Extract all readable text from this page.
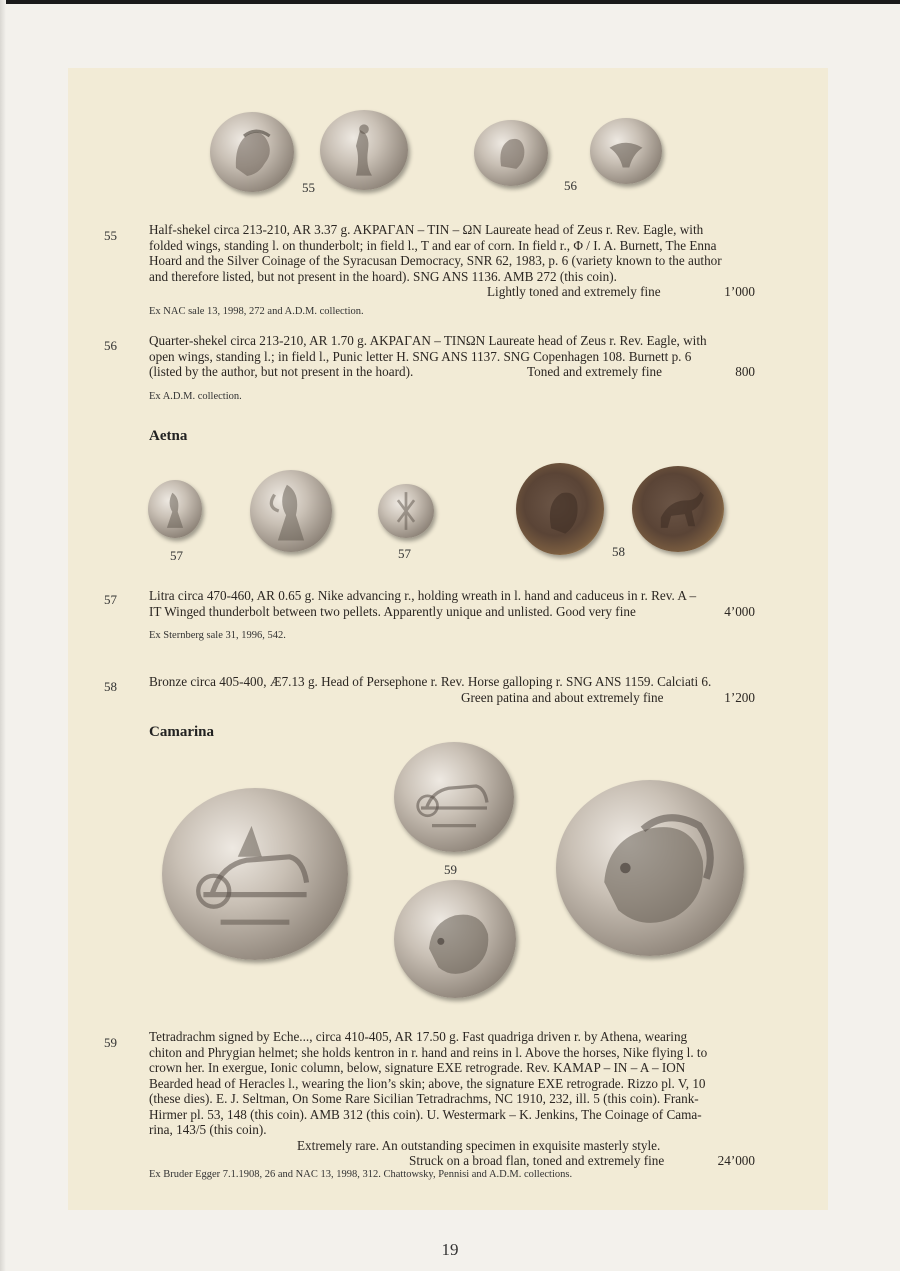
55	56
55 Half-shekel circa 213-210, AR 3.37 g. AKPAΓAN – TIN – ΩN Laureate head of Zeus r. Rev. Eagle, with
folded wings, standing l. on thunderbolt; in field l., T and ear of corn. In field r., Φ / I. A. Burnett, The Enna
Hoard and the Silver Coinage of the Syracusan Democracy, SNR 62, 1983, p. 6 (variety known to the author
and therefore listed, but not present in the hoard). SNG ANS 1136. AMB 272 (this coin).
Lightly toned and extremely fine	1’000
Ex NAC sale 13, 1998, 272 and A.D.M. collection.
56 Quarter-shekel circa 213-210, AR 1.70 g. AKPAΓAN – TINΩN Laureate head of Zeus r. Rev. Eagle, with
open wings, standing l.; in field l., Punic letter H. SNG ANS 1137. SNG Copenhagen 108. Burnett p. 6
(listed by the author, but not present in the hoard).	Toned and extremely fine	800
Ex A.D.M. collection.
Aetna
57	57	58
57 Litra circa 470-460, AR 0.65 g. Nike advancing r., holding wreath in l. hand and caduceus in r. Rev. A –
IT Winged thunderbolt between two pellets. Apparently unique and unlisted. Good very fine	4’000
Ex Sternberg sale 31, 1996, 542.
58 Bronze circa 405-400, Æ7.13 g. Head of Persephone r. Rev. Horse galloping r. SNG ANS 1159. Calciati 6.
Green patina and about extremely fine	1’200
Camarina
59
59 Tetradrachm signed by Eche..., circa 410-405, AR 17.50 g. Fast quadriga driven r. by Athena, wearing
chiton and Phrygian helmet; she holds kentron in r. hand and reins in l. Above the horses, Nike flying l. to
crown her. In exergue, Ionic column, below, signature EXE retrograde. Rev. KAMAP – IN – A – ION
Bearded head of Heracles l., wearing the lion’s skin; above, the signature EXE retrograde. Rizzo pl. V, 10
(these dies). E. J. Seltman, On Some Rare Sicilian Tetradrachms, NC 1910, 232, ill. 5 (this coin). Frank-
Hirmer pl. 53, 148 (this coin). AMB 312 (this coin). U. Westermark – K. Jenkins, The Coinage of Cama-
rina, 143/5 (this coin).
Extremely rare. An outstanding specimen in exquisite masterly style.
Struck on a broad flan, toned and extremely fine	24’000
Ex Bruder Egger 7.1.1908, 26 and NAC 13, 1998, 312. Chattowsky, Pennisi and A.D.M. collections.
19
